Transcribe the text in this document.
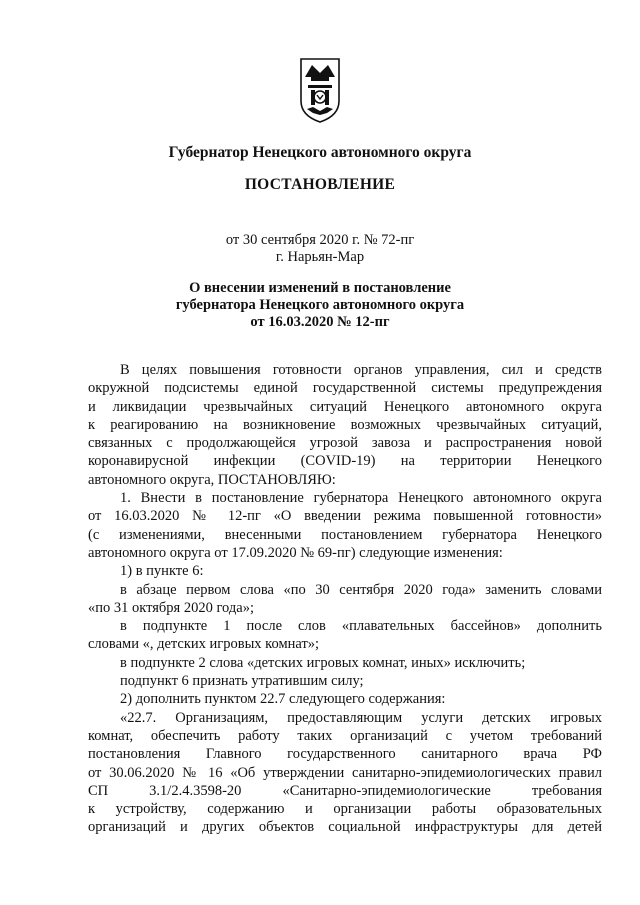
Губернатор Ненецкого автономного округа
ПОСТАНОВЛЕНИЕ
от 30 сентября 2020 г. № 72-пг
г. Нарьян-Мар
О внесении изменений в постановление
губернатора Ненецкого автономного округа
от 16.03.2020 № 12-пг
В целях повышения готовности органов управления, сил и средств
окружной подсистемы единой государственной системы предупреждения
и ликвидации чрезвычайных ситуаций Ненецкого автономного округа
к реагированию на возникновение возможных чрезвычайных ситуаций,
связанных с продолжающейся угрозой завоза и распространения новой
коронавирусной инфекции (COVID-19) на территории Ненецкого
автономного округа, ПОСТАНОВЛЯЮ:
1. Внести в постановление губернатора Ненецкого автономного округа
от 16.03.2020 № 12-пг «О введении режима повышенной готовности»
(с изменениями, внесенными постановлением губернатора Ненецкого
автономного округа от 17.09.2020 № 69-пг) следующие изменения:
1) в пункте 6:
в абзаце первом слова «по 30 сентября 2020 года» заменить словами
«по 31 октября 2020 года»;
в подпункте 1 после слов «плавательных бассейнов» дополнить
словами «, детских игровых комнат»;
в подпункте 2 слова «детских игровых комнат, иных» исключить;
подпункт 6 признать утратившим силу;
2) дополнить пунктом 22.7 следующего содержания:
«22.7. Организациям, предоставляющим услуги детских игровых
комнат, обеспечить работу таких организаций с учетом требований
постановления Главного государственного санитарного врача РФ
от 30.06.2020 № 16 «Об утверждении санитарно-эпидемиологических правил
СП 3.1/2.4.3598-20 «Санитарно-эпидемиологические требования
к устройству, содержанию и организации работы образовательных
организаций и других объектов социальной инфраструктуры для детей
